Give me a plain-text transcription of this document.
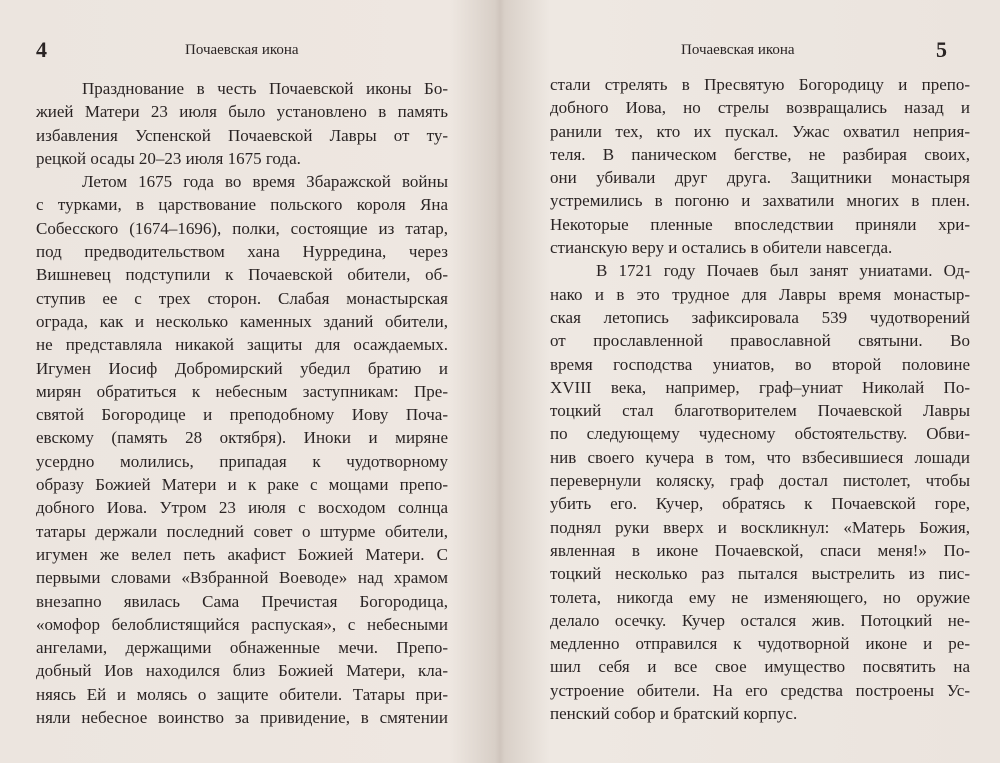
4	Почаевская икона
Празднование в честь Почаевской иконы Бо-
жией Матери 23 июля было установлено в память
избавления Успенской Почаевской Лавры от ту-
рецкой осады 20–23 июля 1675 года.
Летом 1675 года во время Збаражской войны
с турками, в царствование польского короля Яна
Собесского (1674–1696), полки, состоящие из татар,
под предводительством хана Нурредина, через
Вишневец подступили к Почаевской обители, об-
ступив ее с трех сторон. Слабая монастырская
ограда, как и несколько каменных зданий обители,
не представляла никакой защиты для осаждаемых.
Игумен Иосиф Добромирский убедил братию и
мирян обратиться к небесным заступникам: Пре-
святой Богородице и преподобному Иову Поча-
евскому (память 28 октября). Иноки и миряне
усердно молились, припадая к чудотворному
образу Божией Матери и к раке с мощами препо-
добного Иова. Утром 23 июля с восходом солнца
татары держали последний совет о штурме обители,
игумен же велел петь акафист Божией Матери. С
первыми словами «Взбранной Воеводе» над храмом
внезапно явилась Сама Пречистая Богородица,
«омофор белоблистящийся распуская», с небесными
ангелами, держащими обнаженные мечи. Препо-
добный Иов находился близ Божией Матери, кла-
няясь Ей и молясь о защите обители. Татары при-
няли небесное воинство за привидение, в смятении
Почаевская икона	5
стали стрелять в Пресвятую Богородицу и препо-
добного Иова, но стрелы возвращались назад и
ранили тех, кто их пускал. Ужас охватил неприя-
теля. В паническом бегстве, не разбирая своих,
они убивали друг друга. Защитники монастыря
устремились в погоню и захватили многих в плен.
Некоторые пленные впоследствии приняли хри-
стианскую веру и остались в обители навсегда.
В 1721 году Почаев был занят униатами. Од-
нако и в это трудное для Лавры время монастыр-
ская летопись зафиксировала 539 чудотворений
от прославленной православной святыни. Во
время господства униатов, во второй половине
XVIII века, например, граф–униат Николай По-
тоцкий стал благотворителем Почаевской Лавры
по следующему чудесному обстоятельству. Обви-
нив своего кучера в том, что взбесившиеся лошади
перевернули коляску, граф достал пистолет, чтобы
убить его. Кучер, обратясь к Почаевской горе,
поднял руки вверх и воскликнул: «Матерь Божия,
явленная в иконе Почаевской, спаси меня!» По-
тоцкий несколько раз пытался выстрелить из пис-
толета, никогда ему не изменяющего, но оружие
делало осечку. Кучер остался жив. Потоцкий не-
медленно отправился к чудотворной иконе и ре-
шил себя и все свое имущество посвятить на
устроение обители. На его средства построены Ус-
пенский собор и братский корпус.
